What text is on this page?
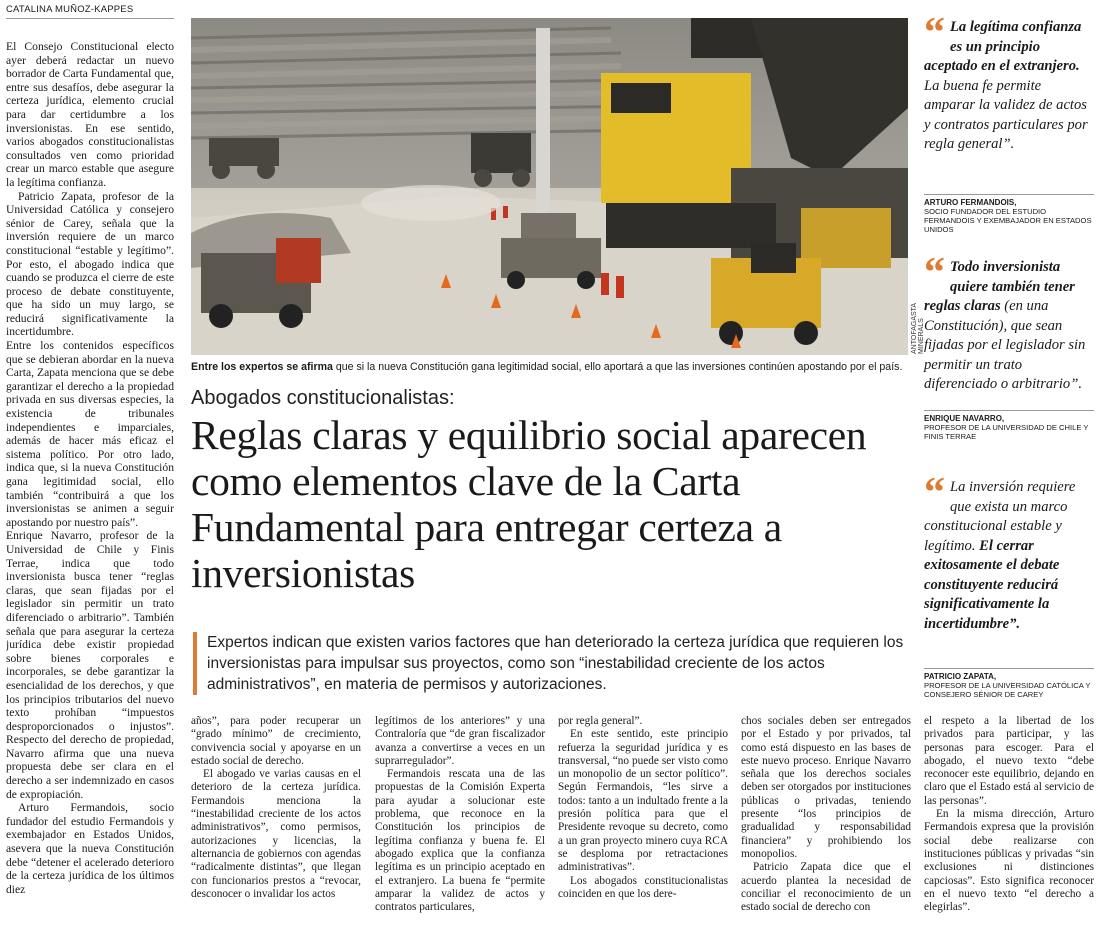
CATALINA MUÑOZ-KAPPES

El Consejo Constitucional electo ayer deberá redactar un nuevo borrador de Carta Fundamental que, entre sus desafíos, debe asegurar la certeza jurídica, elemento crucial para dar certidumbre a los inversionistas. En ese sentido, varios abogados constitucionalistas consultados ven como prioridad crear un marco estable que asegure la legítima confianza.

Patricio Zapata, profesor de la Universidad Católica y consejero sénior de Carey, señala que la inversión requiere de un marco constitucional “estable y legítimo”. Por esto, el abogado indica que cuando se produzca el cierre de este proceso de debate constituyente, que ha sido un muy largo, se reducirá significativamente la incertidumbre.

Entre los contenidos específicos que se debieran abordar en la nueva Carta, Zapata menciona que se debe garantizar el derecho a la propiedad privada en sus diversas especies, la existencia de tribunales independientes e imparciales, además de hacer más eficaz el sistema político. Por otro lado, indica que, si la nueva Constitución gana legitimidad social, ello también “contribuirá a que los inversionistas se animen a seguir apostando por nuestro país”.

Enrique Navarro, profesor de la Universidad de Chile y Finis Terrae, indica que todo inversionista busca tener “reglas claras, que sean fijadas por el legislador sin permitir un trato diferenciado o arbitrario”. También señala que para asegurar la certeza jurídica debe existir propiedad sobre bienes corporales e incorporales, se debe garantizar la esencialidad de los derechos, y que los principios tributarios del nuevo texto prohíban “impuestos desproporcionados o injustos”. Respecto del derecho de propiedad, Navarro afirma que una nueva propuesta debe ser clara en el derecho a ser indemnizado en casos de expropiación.

Arturo Fermandois, socio fundador del estudio Fermandois y exembajador en Estados Unidos, asevera que la nueva Constitución debe “detener el acelerado deterioro de la certeza jurídica de los últimos diez

ANTOFAGASTA MINERALS
Entre los expertos se afirma que si la nueva Constitución gana legitimidad social, ello aportará a que las inversiones continúen apostando por el país.
Abogados constitucionalistas:
Reglas claras y equilibrio social aparecen como elementos clave de la Carta Fundamental para entregar certeza a inversionistas
Expertos indican que existen varios factores que han deteriorado la certeza jurídica que requieren los inversionistas para impulsar sus proyectos, como son “inestabilidad creciente de los actos administrativos”, en materia de permisos y autorizaciones.

años”, para poder recuperar un “grado mínimo” de crecimiento, convivencia social y apoyarse en un estado social de derecho.

El abogado ve varias causas en el deterioro de la certeza jurídica. Fermandois menciona la “inestabilidad creciente de los actos administrativos”, como permisos, autorizaciones y licencias, la alternancia de gobiernos con agendas “radicalmente distintas”, que llegan con funcionarios prestos a “revocar, desconocer o invalidar los actos

legítimos de los anteriores” y una Contraloría que “de gran fiscalizador avanza a convertirse a veces en un suprarregulador”.

Fermandois rescata una de las propuestas de la Comisión Experta para ayudar a solucionar este problema, que reconoce en la Constitución los principios de legítima confianza y buena fe. El abogado explica que la confianza legítima es un principio aceptado en el extranjero. La buena fe “permite amparar la validez de actos y contratos particulares,

por regla general”.

En este sentido, este principio refuerza la seguridad jurídica y es transversal, “no puede ser visto como un monopolio de un sector político”. Según Fermandois, “les sirve a todos: tanto a un indultado frente a la presión política para que el Presidente revoque su decreto, como a un gran proyecto minero cuya RCA se desploma por retractaciones administrativas”.

Los abogados constitucionalistas coinciden en que los dere-

chos sociales deben ser entregados por el Estado y por privados, tal como está dispuesto en las bases de este nuevo proceso. Enrique Navarro señala que los derechos sociales deben ser otorgados por instituciones públicas o privadas, teniendo presente “los principios de gradualidad y responsabilidad financiera” y prohibiendo los monopolios.

Patricio Zapata dice que el acuerdo plantea la necesidad de conciliar el reconocimiento de un estado social de derecho con

el respeto a la libertad de los privados para participar, y las personas para escoger. Para el abogado, el nuevo texto “debe reconocer este equilibrio, dejando en claro que el Estado está al servicio de las personas”.

En la misma dirección, Arturo Fermandois expresa que la provisión social debe realizarse con instituciones públicas y privadas “sin exclusiones ni distinciones capciosas”. Esto significa reconocer en el nuevo texto “el derecho a elegirlas”.

“ La legítima confianza es un principio aceptado en el extranjero. La buena fe permite amparar la validez de actos y contratos particulares por regla general”.
ARTURO FERMANDOIS,
SOCIO FUNDADOR DEL ESTUDIO FERMANDOIS Y EXEMBAJADOR EN ESTADOS UNIDOS
“ Todo inversionista quiere también tener reglas claras (en una Constitución), que sean fijadas por el legislador sin permitir un trato diferenciado o arbitrario”.
ENRIQUE NAVARRO,
PROFESOR DE LA UNIVERSIDAD DE CHILE Y FINIS TERRAE
“ La inversión requiere que exista un marco constitucional estable y legítimo. El cerrar exitosamente el debate constituyente reducirá significativamente la incertidumbre”.
PATRICIO ZAPATA,
PROFESOR DE LA UNIVERSIDAD CATÓLICA Y CONSEJERO SÉNIOR DE CAREY
